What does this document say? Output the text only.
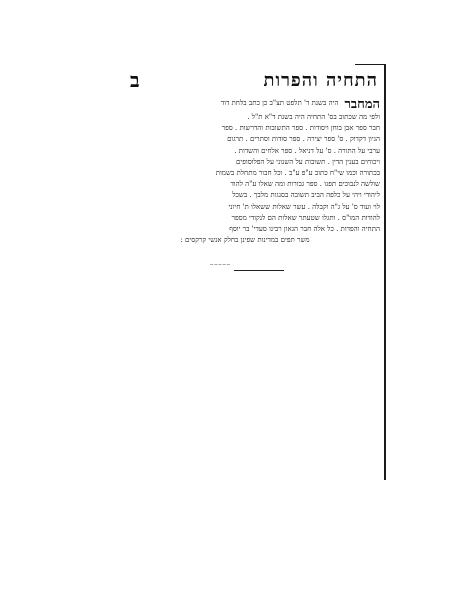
התחיה והפרות
ב
המחבר
היה בשנת ד' תלפט תצ"ב כן כתב בלחת דוד
ולפי מה שכתוב בס' התחיה היה בשנת ד"א ת"ל .
חבר ספר אבן בוחן ויסודות . ספר התשובות והדרשות . ספר
הגיון דקדוק . ס' ספר יצירה . ספר סודות וסתרים . תרגום
ערבי על התורה . ס' על דניאל . ספר אלחים והשדות .
ויכוחים בענין הדין . תשובות על השנוני על הפלוסופים
בכתורה וכמו שי"ח כתוב ע"פ ע"ב . וכל חבור מתחלת בשמות
שולשה לנבוכים תפגו . ספר גבורות ומה שאלו ע"ה להוד
ליהודי ויהי על כלפה הביב תשובה בסנגות מלבך . בשכל
לוי ועוד ס' על ג"ה וקבלה . עשר שאלות ששאלו ת' חיוני
להודות המו"ס . ותגלו שטעתר שאלות הם לנקודי מספר
התחיה והפדות . כל אלה חבר הגאון רבינו סעדי' בר יוסף
משר תפים במדינות שפינן בחלק אנשי קרקסים :
~~~~~
